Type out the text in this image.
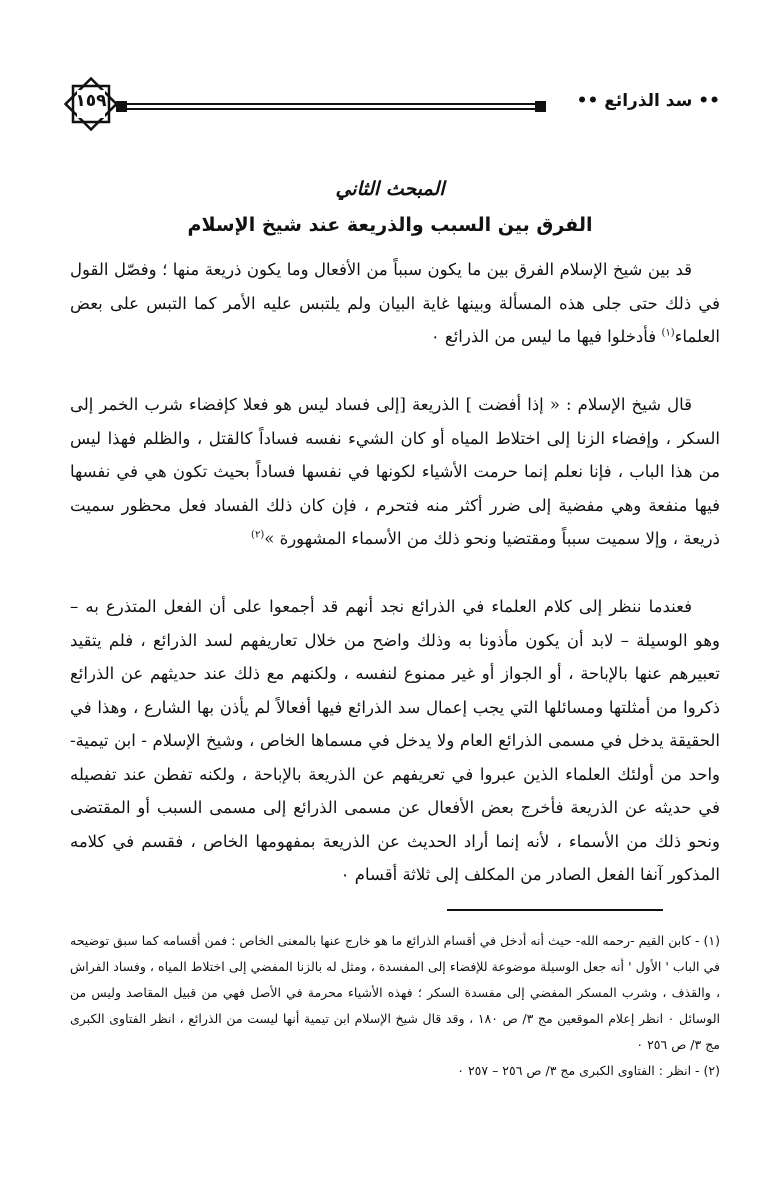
١٥٩	•• سد الذرائع ••
المبحث الثاني
الفرق بين السبب والذريعة عند شيخ الإسلام

قد بين شيخ الإسلام الفرق بين ما يكون سبباً من الأفعال وما يكون ذريعة منها ؛ وفصّل القول في ذلك حتى جلى هذه المسألة وبينها غاية البيان ولم يلتبس عليه الأمر كما التبس على بعض العلماء$^{(١)}$ فأدخلوا فيها ما ليس من الذرائع ٠

قال شيخ الإسلام : « إذا أفضت ] الذريعة [إلى فساد ليس هو فعلا كإفضاء شرب الخمر إلى السكر ، وإفضاء الزنا إلى اختلاط المياه أو كان الشيء نفسه فساداً كالقتل ، والظلم فهذا ليس من هذا الباب ، فإنا نعلم إنما حرمت الأشياء لكونها في نفسها فساداً بحيث تكون هي في نفسها فيها منفعة وهي مفضية إلى ضرر أكثر منه فتحرم ، فإن كان ذلك الفساد فعل محظور سميت ذريعة ، وإلا سميت سبباً ومقتضيا ونحو ذلك من الأسماء المشهورة »$^{(٢)}$

فعندما ننظر إلى كلام العلماء في الذرائع نجد أنهم قد أجمعوا على أن الفعل المتذرع به – وهو الوسيلة – لابد أن يكون مأذونا به وذلك واضح من خلال تعاريفهم لسد الذرائع ، فلم يتقيد تعبيرهم عنها بالإباحة ، أو الجواز أو غير ممنوع لنفسه ، ولكنهم مع ذلك عند حديثهم عن الذرائع ذكروا من أمثلتها ومسائلها التي يجب إعمال سد الذرائع فيها أفعالاً لم يأذن بها الشارع ، وهذا في الحقيقة يدخل في مسمى الذرائع العام ولا يدخل في مسماها الخاص ، وشيخ الإسلام - ابن تيمية- واحد من أولئك العلماء الذين عبروا في تعريفهم عن الذريعة بالإباحة ، ولكنه تفطن عند تفصيله في حديثه عن الذريعة فأخرج بعض الأفعال عن مسمى الذرائع إلى مسمى السبب أو المقتضى ونحو ذلك من الأسماء ، لأنه إنما أراد الحديث عن الذريعة بمفهومها الخاص ، فقسم في كلامه المذكور آنفا الفعل الصادر من المكلف إلى ثلاثة أقسام ٠

(١) - كابن القيم -رحمه الله- حيث أنه أدخل في أقسام الذرائع ما هو خارج عنها بالمعنى الخاص : فمن أقسامه كما سبق توضيحه في الباب ' الأول ' أنه جعل الوسيلة موضوعة للإفضاء إلى المفسدة ، ومثل له بالزنا المفضي إلى اختلاط المياه ، وفساد الفراش ، والقذف ، وشرب المسكر المفضي إلى مفسدة السكر ؛ فهذه الأشياء محرمة في الأصل فهي من قبيل المقاصد وليس من الوسائل ٠ انظر إعلام الموقعين مج ٣/ ص ١٨٠ ، وقد قال شيخ الإسلام ابن تيمية أنها ليست من الذرائع ، انظر الفتاوى الكبرى مج ٣/ ص ٢٥٦ ٠

(٢) - انظر : الفتاوى الكبرى مج ٣/ ص ٢٥٦ – ٢٥٧ ٠
